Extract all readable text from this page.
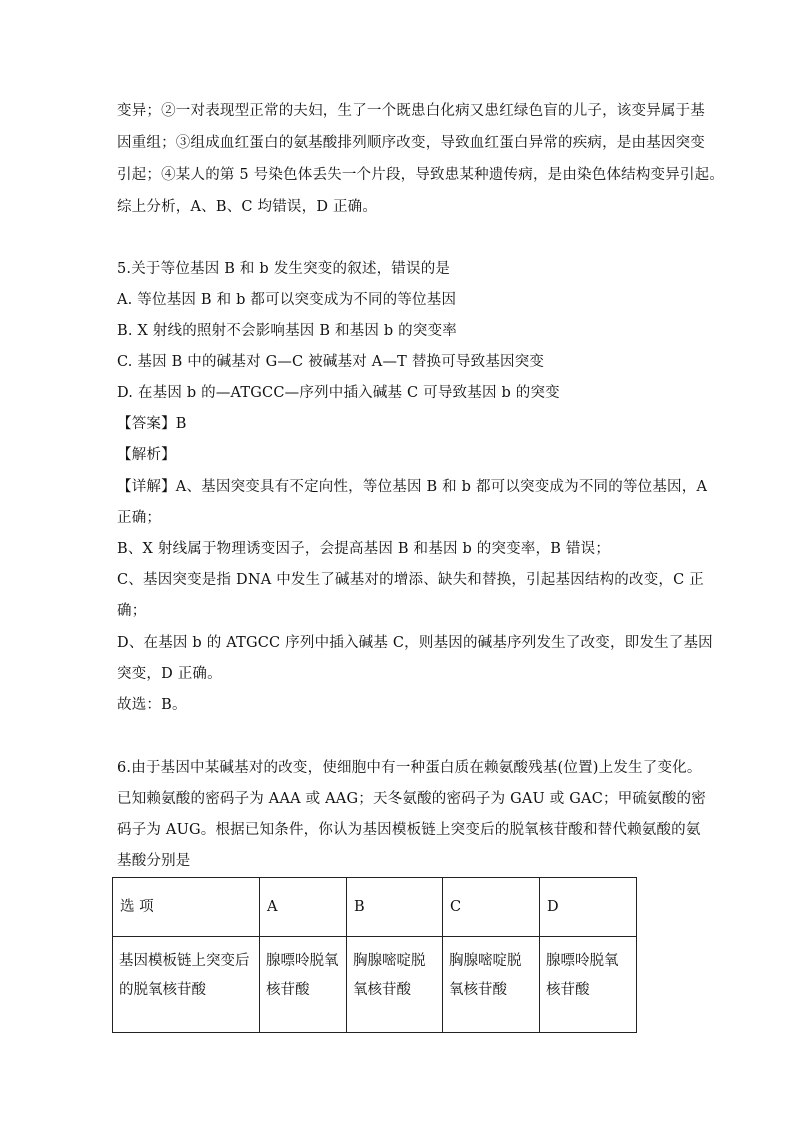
变异；②一对表现型正常的夫妇，生了一个既患白化病又患红绿色盲的儿子，该变异属于基
因重组；③组成血红蛋白的氨基酸排列顺序改变，导致血红蛋白异常的疾病，是由基因突变
引起；④某人的第 5 号染色体丢失一个片段，导致患某种遗传病，是由染色体结构变异引起。
综上分析，A、B、C 均错误，D 正确。
5.关于等位基因 B 和 b 发生突变的叙述，错误的是
A. 等位基因 B 和 b 都可以突变成为不同的等位基因
B. X 射线的照射不会影响基因 B 和基因 b 的突变率
C. 基因 B 中的碱基对 G—C 被碱基对 A—T 替换可导致基因突变
D. 在基因 b 的—ATGCC—序列中插入碱基 C 可导致基因 b 的突变
【答案】B
【解析】
【详解】A、基因突变具有不定向性，等位基因 B 和 b 都可以突变成为不同的等位基因，A
正确；
B、X 射线属于物理诱变因子，会提高基因 B 和基因 b 的突变率，B 错误；
C、基因突变是指 DNA 中发生了碱基对的增添、缺失和替换，引起基因结构的改变，C 正
确；
D、在基因 b 的 ATGCC 序列中插入碱基 C，则基因的碱基序列发生了改变，即发生了基因
突变，D 正确。
故选：B。
6.由于基因中某碱基对的改变，使细胞中有一种蛋白质在赖氨酸残基(位置)上发生了变化。
已知赖氨酸的密码子为 AAA 或 AAG；天冬氨酸的密码子为 GAU 或 GAC；甲硫氨酸的密
码子为 AUG。根据已知条件，你认为基因模板链上突变后的脱氧核苷酸和替代赖氨酸的氨
基酸分别是
选 项	A	B	C	D
基因模板链上突变后的脱氧核苷酸	腺嘌呤脱氧核苷酸	胸腺嘧啶脱氧核苷酸	胸腺嘧啶脱氧核苷酸	腺嘌呤脱氧核苷酸
